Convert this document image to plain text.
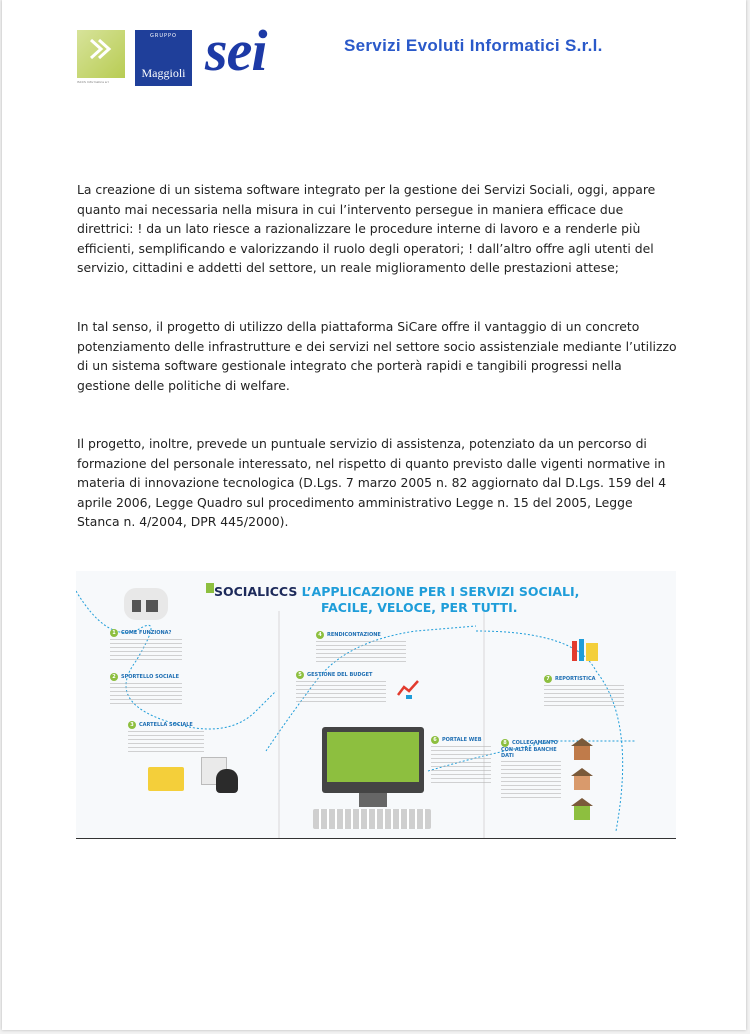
ISCCS Informatica srl
GRUPPO
Maggioli sei	Servizi Evoluti Informatici S.r.l.

La creazione di un sistema software integrato per la gestione dei Servizi Sociali, oggi, appare quanto mai necessaria nella misura in cui l’intervento persegue in maniera efficace due direttrici: ! da un lato riesce a razionalizzare le procedure interne di lavoro e a renderle più efficienti, semplificando e valorizzando il ruolo degli operatori; ! dall’altro offre agli utenti del servizio, cittadini e addetti del settore, un reale miglioramento delle prestazioni attese;

In tal senso, il progetto di utilizzo della piattaforma SiCare offre il vantaggio di un concreto potenziamento delle infrastrutture e dei servizi nel settore socio assistenziale mediante l’utilizzo di un sistema software gestionale integrato che porterà rapidi e tangibili progressi nella gestione delle politiche di welfare.

Il progetto, inoltre, prevede un puntuale servizio di assistenza, potenziato da un percorso di formazione del personale interessato, nel rispetto di quanto previsto dalle vigenti normative in materia di innovazione tecnologica (D.Lgs. 7 marzo 2005 n. 82 aggiornato dal D.Lgs. 159 del 4 aprile 2006, Legge Quadro sul procedimento amministrativo Legge n. 15 del 2005, Legge Stanca n. 4/2004, DPR 445/2000).

SOCIALICCS L’APPLICAZIONE PER I SERVIZI SOCIALI,
FACILE, VELOCE, PER TUTTI.
1 COME FUNZIONA?
2 SPORTELLO SOCIALE
3 CARTELLA SOCIALE
4 RENDICONTAZIONE
5 GESTIONE DEL BUDGET
6 PORTALE WEB
7 REPORTISTICA
8 COLLEGAMENTO CON ALTRE BANCHE DATI
